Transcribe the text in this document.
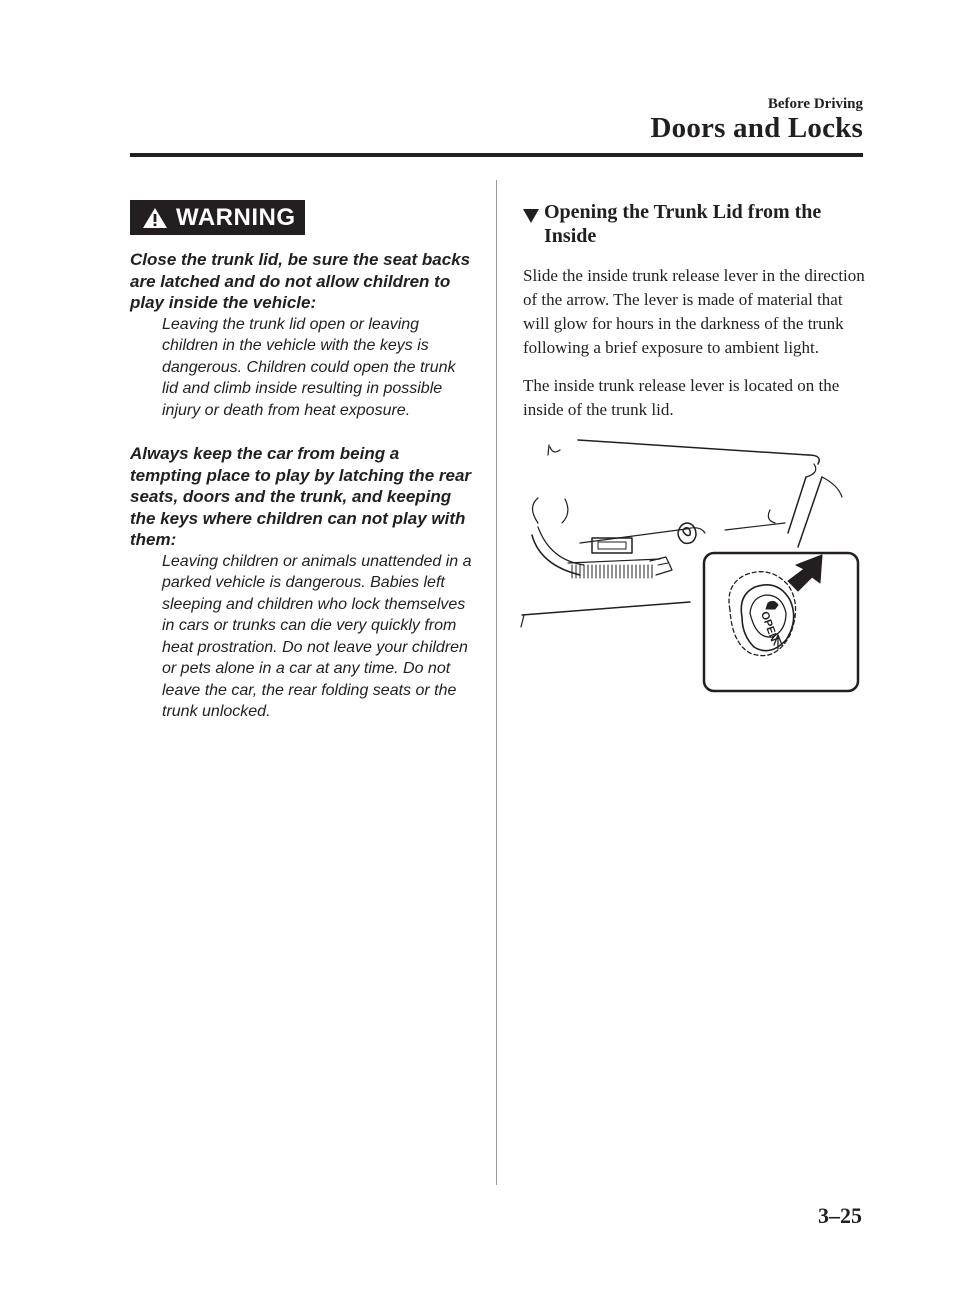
Before Driving
Doors and Locks
WARNING

Close the trunk lid, be sure the seat backs are latched and do not allow children to play inside the vehicle:

Leaving the trunk lid open or leaving children in the vehicle with the keys is dangerous. Children could open the trunk lid and climb inside resulting in possible injury or death from heat exposure.

Always keep the car from being a tempting place to play by latching the rear seats, doors and the trunk, and keeping the keys where children can not play with them:

Leaving children or animals unattended in a parked vehicle is dangerous. Babies left sleeping and children who lock themselves in cars or trunks can die very quickly from heat prostration. Do not leave your children or pets alone in a car at any time. Do not leave the car, the rear folding seats or the trunk unlocked.

Opening the Trunk Lid from the Inside

Slide the inside trunk release lever in the direction of the arrow. The lever is made of material that will glow for hours in the darkness of the trunk following a brief exposure to ambient light.

The inside trunk release lever is located on the inside of the trunk lid.

OPEN
3–25
